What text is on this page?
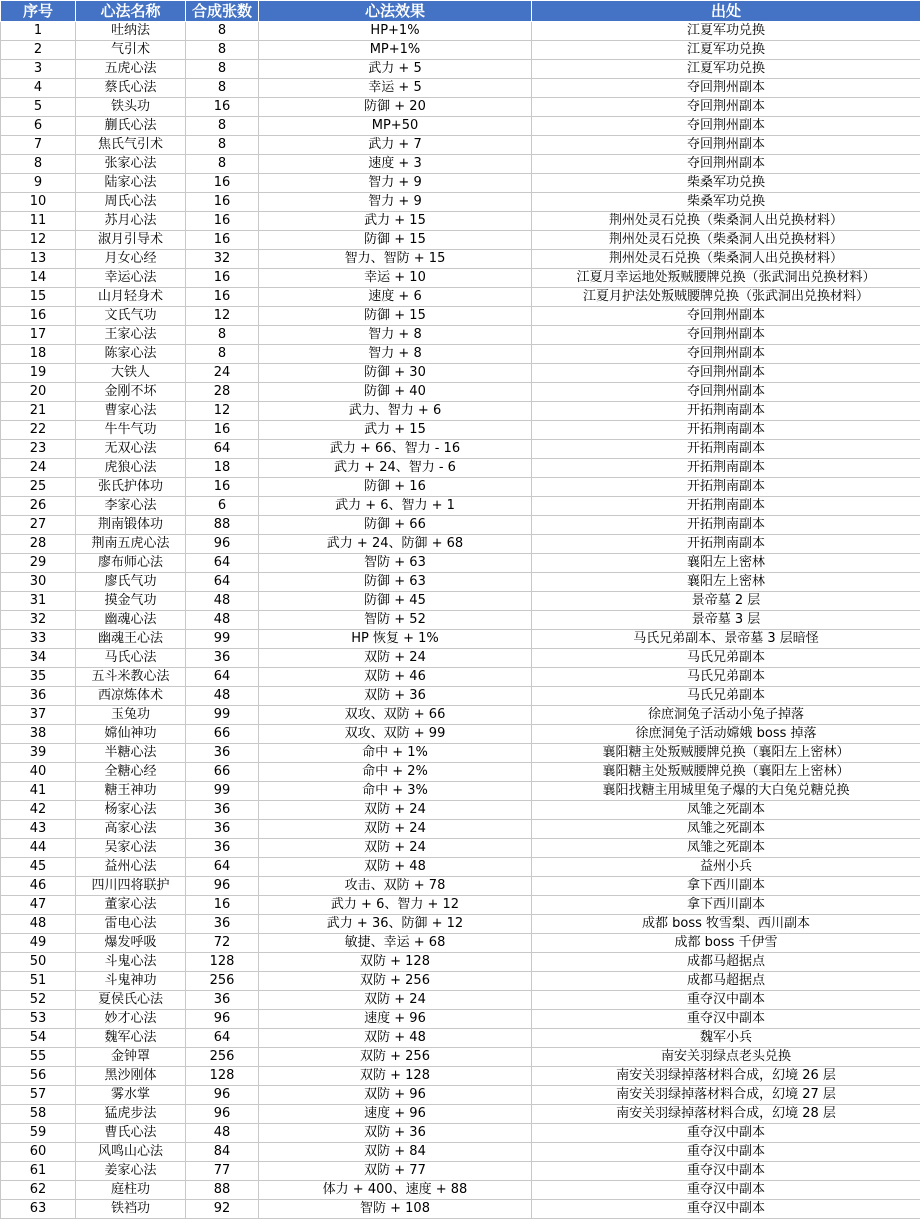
序号	心法名称	合成张数	心法效果	出处
1	吐纳法	8	HP+1%	江夏军功兑换
2	气引术	8	MP+1%	江夏军功兑换
3	五虎心法	8	武力 + 5	江夏军功兑换
4	蔡氏心法	8	幸运 + 5	夺回荆州副本
5	铁头功	16	防御 + 20	夺回荆州副本
6	蒯氏心法	8	MP+50	夺回荆州副本
7	焦氏气引术	8	武力 + 7	夺回荆州副本
8	张家心法	8	速度 + 3	夺回荆州副本
9	陆家心法	16	智力 + 9	柴桑军功兑换
10	周氏心法	16	智力 + 9	柴桑军功兑换
11	苏月心法	16	武力 + 15	荆州处灵石兑换（柴桑洞人出兑换材料）
12	淑月引导术	16	防御 + 15	荆州处灵石兑换（柴桑洞人出兑换材料）
13	月女心经	32	智力、智防 + 15	荆州处灵石兑换（柴桑洞人出兑换材料）
14	幸运心法	16	幸运 + 10	江夏月幸运地处叛贼腰牌兑换（张武洞出兑换材料）
15	山月轻身术	16	速度 + 6	江夏月护法处叛贼腰牌兑换（张武洞出兑换材料）
16	文氏气功	12	防御 + 15	夺回荆州副本
17	王家心法	8	智力 + 8	夺回荆州副本
18	陈家心法	8	智力 + 8	夺回荆州副本
19	大铁人	24	防御 + 30	夺回荆州副本
20	金刚不坏	28	防御 + 40	夺回荆州副本
21	曹家心法	12	武力、智力 + 6	开拓荆南副本
22	牛牛气功	16	武力 + 15	开拓荆南副本
23	无双心法	64	武力 + 66、智力 - 16	开拓荆南副本
24	虎狼心法	18	武力 + 24、智力 - 6	开拓荆南副本
25	张氏护体功	16	防御 + 16	开拓荆南副本
26	李家心法	6	武力 + 6、智力 + 1	开拓荆南副本
27	荆南锻体功	88	防御 + 66	开拓荆南副本
28	荆南五虎心法	96	武力 + 24、防御 + 68	开拓荆南副本
29	廖布师心法	64	智防 + 63	襄阳左上密林
30	廖氏气功	64	防御 + 63	襄阳左上密林
31	摸金气功	48	防御 + 45	景帝墓 2 层
32	幽魂心法	48	智防 + 52	景帝墓 3 层
33	幽魂王心法	99	HP 恢复 + 1%	马氏兄弟副本、景帝墓 3 层暗怪
34	马氏心法	36	双防 + 24	马氏兄弟副本
35	五斗米教心法	64	双防 + 46	马氏兄弟副本
36	西凉炼体术	48	双防 + 36	马氏兄弟副本
37	玉兔功	99	双攻、双防 + 66	徐庶洞兔子活动小兔子掉落
38	嫦仙神功	66	双攻、双防 + 99	徐庶洞兔子活动嫦娥 boss 掉落
39	半糖心法	36	命中 + 1%	襄阳糖主处叛贼腰牌兑换（襄阳左上密林）
40	全糖心经	66	命中 + 2%	襄阳糖主处叛贼腰牌兑换（襄阳左上密林）
41	糖王神功	99	命中 + 3%	襄阳找糖主用城里兔子爆的大白兔兑糖兑换
42	杨家心法	36	双防 + 24	凤雏之死副本
43	高家心法	36	双防 + 24	凤雏之死副本
44	吴家心法	36	双防 + 24	凤雏之死副本
45	益州心法	64	双防 + 48	益州小兵
46	四川四将联护	96	攻击、双防 + 78	拿下西川副本
47	董家心法	16	武力 + 6、智力 + 12	拿下西川副本
48	雷电心法	36	武力 + 36、防御 + 12	成都 boss 牧雪梨、西川副本
49	爆发呼吸	72	敏捷、幸运 + 68	成都 boss 千伊雪
50	斗鬼心法	128	双防 + 128	成都马超据点
51	斗鬼神功	256	双防 + 256	成都马超据点
52	夏侯氏心法	36	双防 + 24	重夺汉中副本
53	妙才心法	96	速度 + 96	重夺汉中副本
54	魏军心法	64	双防 + 48	魏军小兵
55	金钟罩	256	双防 + 256	南安关羽绿点老头兑换
56	黑沙刚体	128	双防 + 128	南安关羽绿掉落材料合成，幻境 26 层
57	雾水掌	96	双防 + 96	南安关羽绿掉落材料合成，幻境 27 层
58	猛虎步法	96	速度 + 96	南安关羽绿掉落材料合成，幻境 28 层
59	曹氏心法	48	双防 + 36	重夺汉中副本
60	风鸣山心法	84	双防 + 84	重夺汉中副本
61	姜家心法	77	双防 + 77	重夺汉中副本
62	庭柱功	88	体力 + 400、速度 + 88	重夺汉中副本
63	铁裆功	92	智防 + 108	重夺汉中副本
